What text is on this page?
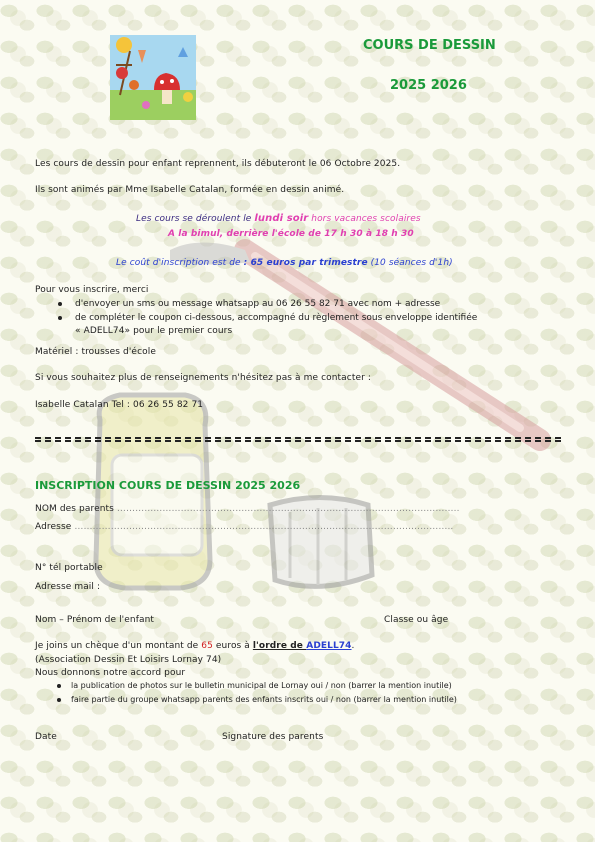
COURS DE DESSIN
2025 2026
Les cours de dessin pour enfant reprennent, ils débuteront le 06 Octobre 2025.
Ils sont animés par Mme Isabelle Catalan, formée en dessin animé.
Les cours se déroulent le lundi soir hors vacances scolaires
A la bimul, derrière l'école de 17 h 30 à 18 h 30
Le coût d'inscription est de : 65 euros par trimestre (10 séances d'1h)
Pour vous inscrire, merci
d'envoyer un sms ou message whatsapp au 06 26 55 82 71 avec nom + adresse
de compléter le coupon ci-dessous, accompagné du règlement sous enveloppe identifiée
« ADELL74» pour le premier cours
Matériel : trousses d'école
Si vous souhaitez plus de renseignements n'hésitez pas à me contacter :
Isabelle Catalan Tel : 06 26 55 82 71
INSCRIPTION COURS DE DESSIN 2025 2026
NOM des parents …………………………………………………………………………………………………..
Adresse ……………………………………………………………………………………………………………..
N° tél portable
Adresse mail :
Nom – Prénom de l'enfant	Classe ou âge
Je joins un chèque d'un montant de 65 euros à l'ordre de ADELL74.
(Association Dessin Et Loisirs Lornay 74)
Nous donnons notre accord pour
la publication de photos sur le bulletin municipal de Lornay oui / non (barrer la mention inutile)
faire partie du groupe whatsapp parents des enfants inscrits oui / non (barrer la mention inutile)
Date	Signature des parents
